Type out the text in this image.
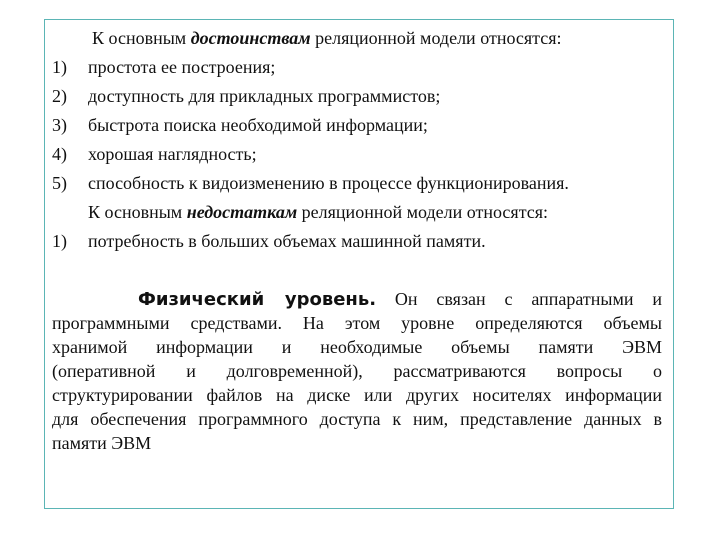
К основным достоинствам реляционной модели относятся:
1) простота ее построения;
2) доступность для прикладных программистов;
3) быстрота поиска необходимой информации;
4) хорошая наглядность;
5) способность к видоизменению в процессе функционирования.
К основным недостаткам реляционной модели относятся:
1) потребность в больших объемах машинной памяти.
Физический уровень. Он связан с аппаратными и
программными средствами. На этом уровне определяются объемы
хранимой информации и необходимые объемы памяти ЭВМ
(оперативной и долговременной), рассматриваются вопросы о
структурировании файлов на диске или других носителях информации
для обеспечения программного доступа к ним, представление данных в
памяти ЭВМ
